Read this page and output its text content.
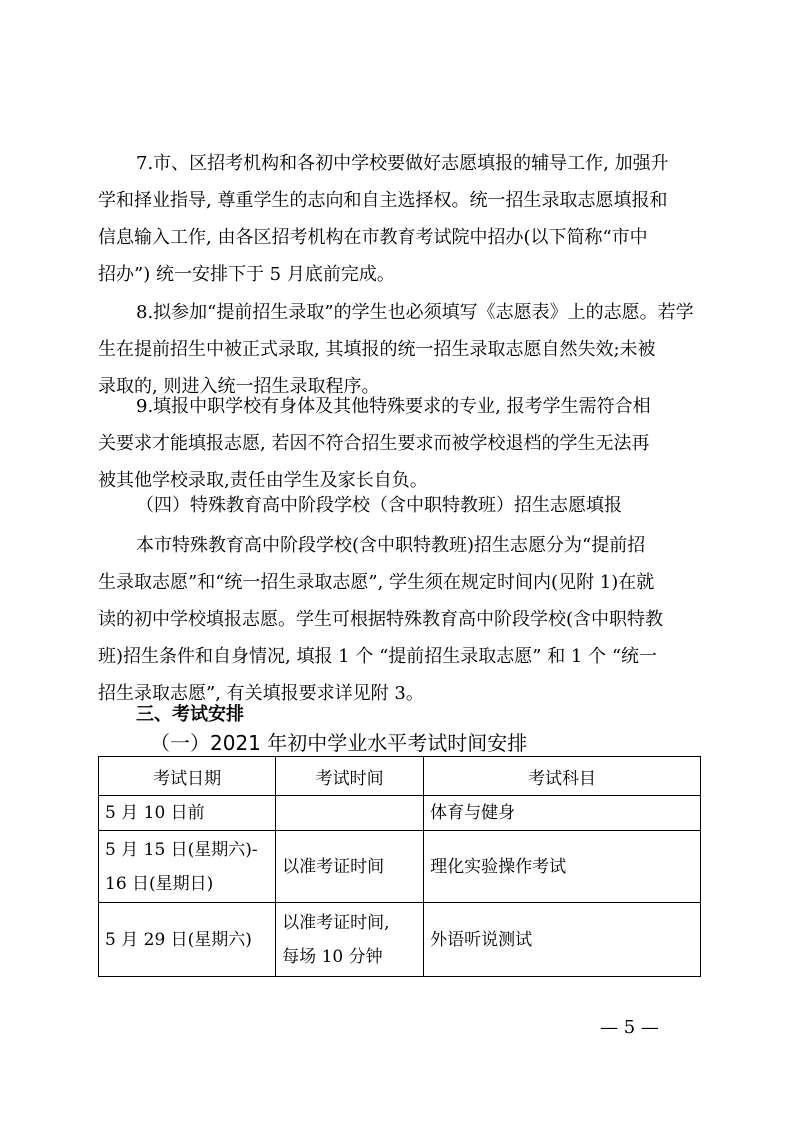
7.市、区招考机构和各初中学校要做好志愿填报的辅导工作, 加强升
学和择业指导, 尊重学生的志向和自主选择权。统一招生录取志愿填报和
信息输入工作, 由各区招考机构在市教育考试院中招办(以下简称“市中
招办”) 统一安排下于 5 月底前完成。
8.拟参加“提前招生录取”的学生也必须填写《志愿表》上的志愿。若学
生在提前招生中被正式录取, 其填报的统一招生录取志愿自然失效;未被
录取的, 则进入统一招生录取程序。
9.填报中职学校有身体及其他特殊要求的专业, 报考学生需符合相
关要求才能填报志愿, 若因不符合招生要求而被学校退档的学生无法再
被其他学校录取,责任由学生及家长自负。
（四）特殊教育高中阶段学校（含中职特教班）招生志愿填报
本市特殊教育高中阶段学校(含中职特教班)招生志愿分为“提前招
生录取志愿”和“统一招生录取志愿”, 学生须在规定时间内(见附 1)在就
读的初中学校填报志愿。学生可根据特殊教育高中阶段学校(含中职特教
班)招生条件和自身情况, 填报 1 个 “提前招生录取志愿” 和 1 个 “统一
招生录取志愿”, 有关填报要求详见附 3。
三、考试安排
（一）2021 年初中学业水平考试时间安排
考试日期	考试时间	考试科目

5 月 10 日前		体育与健身

5 月 15 日(星期六)-
16 日(星期日)	以准考证时间	理化实验操作考试

5 月 29 日(星期六)	以准考证时间,
每场 10 分钟	外语听说测试
— 5 —
